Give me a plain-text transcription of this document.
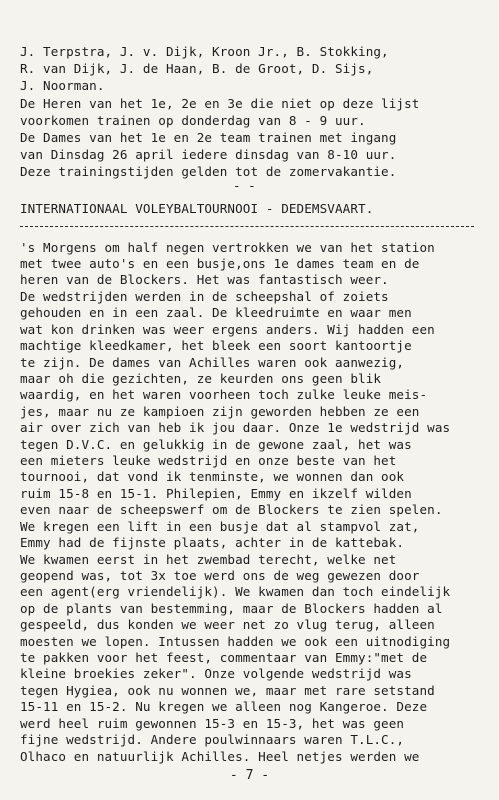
J. Terpstra, J. v. Dijk, Kroon Jr., B. Stokking,
R. van Dijk, J. de Haan, B. de Groot, D. Sijs,
J. Noorman.
De Heren van het 1e, 2e en 3e die niet op deze lijst
voorkomen trainen op donderdag van 8 - 9 uur.
De Dames van het 1e en 2e team trainen met ingang
van Dinsdag 26 april iedere dinsdag van 8-10 uur.
Deze trainingstijden gelden tot de zomervakantie.
- -
INTERNATIONAAL VOLEYBALTOURNOOI - DEDEMSVAART.
's Morgens om half negen vertrokken we van het station
met twee auto's en een busje,ons 1e dames team en de
heren van de Blockers. Het was fantastisch weer.
De wedstrijden werden in de scheepshal of zoiets
gehouden en in een zaal. De kleedruimte en waar men
wat kon drinken was weer ergens anders. Wij hadden een
machtige kleedkamer, het bleek een soort kantoortje
te zijn. De dames van Achilles waren ook aanwezig,
maar oh die gezichten, ze keurden ons geen blik
waardig, en het waren voorheen toch zulke leuke meis-
jes, maar nu ze kampioen zijn geworden hebben ze een
air over zich van heb ik jou daar. Onze 1e wedstrijd was
tegen D.V.C. en gelukkig in de gewone zaal, het was
een mieters leuke wedstrijd en onze beste van het
tournooi, dat vond ik tenminste, we wonnen dan ook
ruim 15-8 en 15-1. Philepien, Emmy en ikzelf wilden
even naar de scheepswerf om de Blockers te zien spelen.
We kregen een lift in een busje dat al stampvol zat,
Emmy had de fijnste plaats, achter in de kattebak.
We kwamen eerst in het zwembad terecht, welke net
geopend was, tot 3x toe werd ons de weg gewezen door
een agent(erg vriendelijk). We kwamen dan toch eindelijk
op de plants van bestemming, maar de Blockers hadden al
gespeeld, dus konden we weer net zo vlug terug, alleen
moesten we lopen. Intussen hadden we ook een uitnodiging
te pakken voor het feest, commentaar van Emmy:"met de
kleine broekies zeker". Onze volgende wedstrijd was
tegen Hygiea, ook nu wonnen we, maar met rare setstand
15-11 en 15-2. Nu kregen we alleen nog Kangeroe. Deze
werd heel ruim gewonnen 15-3 en 15-3, het was geen
fijne wedstrijd. Andere poulwinnaars waren T.L.C.,
Olhaco en natuurlijk Achilles. Heel netjes werden we
- 7 -
